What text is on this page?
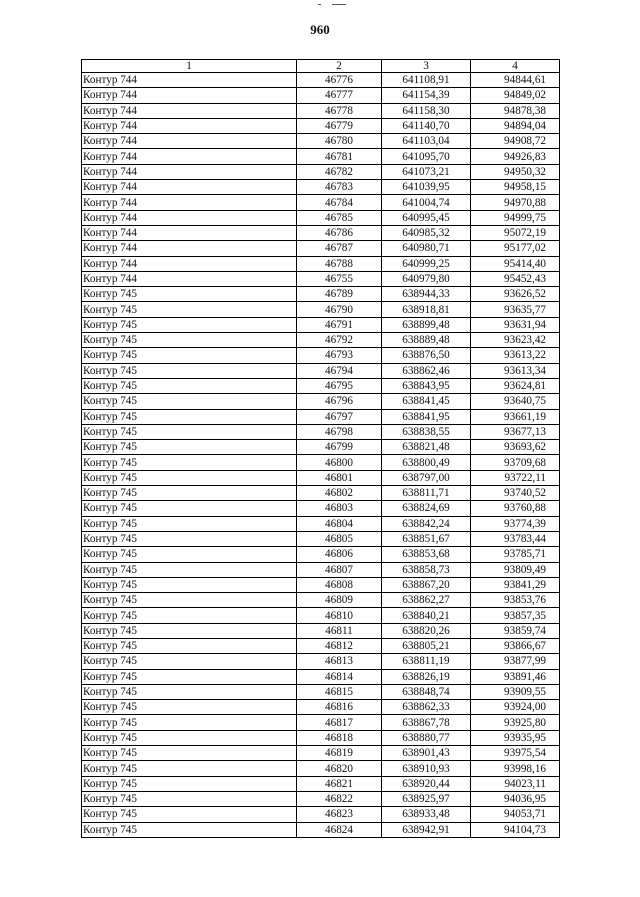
960
1	2	3	4
Контур 744	46776	641108,91	94844,61
Контур 744	46777	641154,39	94849,02
Контур 744	46778	641158,30	94878,38
Контур 744	46779	641140,70	94894,04
Контур 744	46780	641103,04	94908,72
Контур 744	46781	641095,70	94926,83
Контур 744	46782	641073,21	94950,32
Контур 744	46783	641039,95	94958,15
Контур 744	46784	641004,74	94970,88
Контур 744	46785	640995,45	94999,75
Контур 744	46786	640985,32	95072,19
Контур 744	46787	640980,71	95177,02
Контур 744	46788	640999,25	95414,40
Контур 744	46755	640979,80	95452,43
Контур 745	46789	638944,33	93626,52
Контур 745	46790	638918,81	93635,77
Контур 745	46791	638899,48	93631,94
Контур 745	46792	638889,48	93623,42
Контур 745	46793	638876,50	93613,22
Контур 745	46794	638862,46	93613,34
Контур 745	46795	638843,95	93624,81
Контур 745	46796	638841,45	93640,75
Контур 745	46797	638841,95	93661,19
Контур 745	46798	638838,55	93677,13
Контур 745	46799	638821,48	93693,62
Контур 745	46800	638800,49	93709,68
Контур 745	46801	638797,00	93722,11
Контур 745	46802	638811,71	93740,52
Контур 745	46803	638824,69	93760,88
Контур 745	46804	638842,24	93774,39
Контур 745	46805	638851,67	93783,44
Контур 745	46806	638853,68	93785,71
Контур 745	46807	638858,73	93809,49
Контур 745	46808	638867,20	93841,29
Контур 745	46809	638862,27	93853,76
Контур 745	46810	638840,21	93857,35
Контур 745	46811	638820,26	93859,74
Контур 745	46812	638805,21	93866,67
Контур 745	46813	638811,19	93877,99
Контур 745	46814	638826,19	93891,46
Контур 745	46815	638848,74	93909,55
Контур 745	46816	638862,33	93924,00
Контур 745	46817	638867,78	93925,80
Контур 745	46818	638880,77	93935,95
Контур 745	46819	638901,43	93975,54
Контур 745	46820	638910,93	93998,16
Контур 745	46821	638920,44	94023,11
Контур 745	46822	638925,97	94036,95
Контур 745	46823	638933,48	94053,71
Контур 745	46824	638942,91	94104,73
